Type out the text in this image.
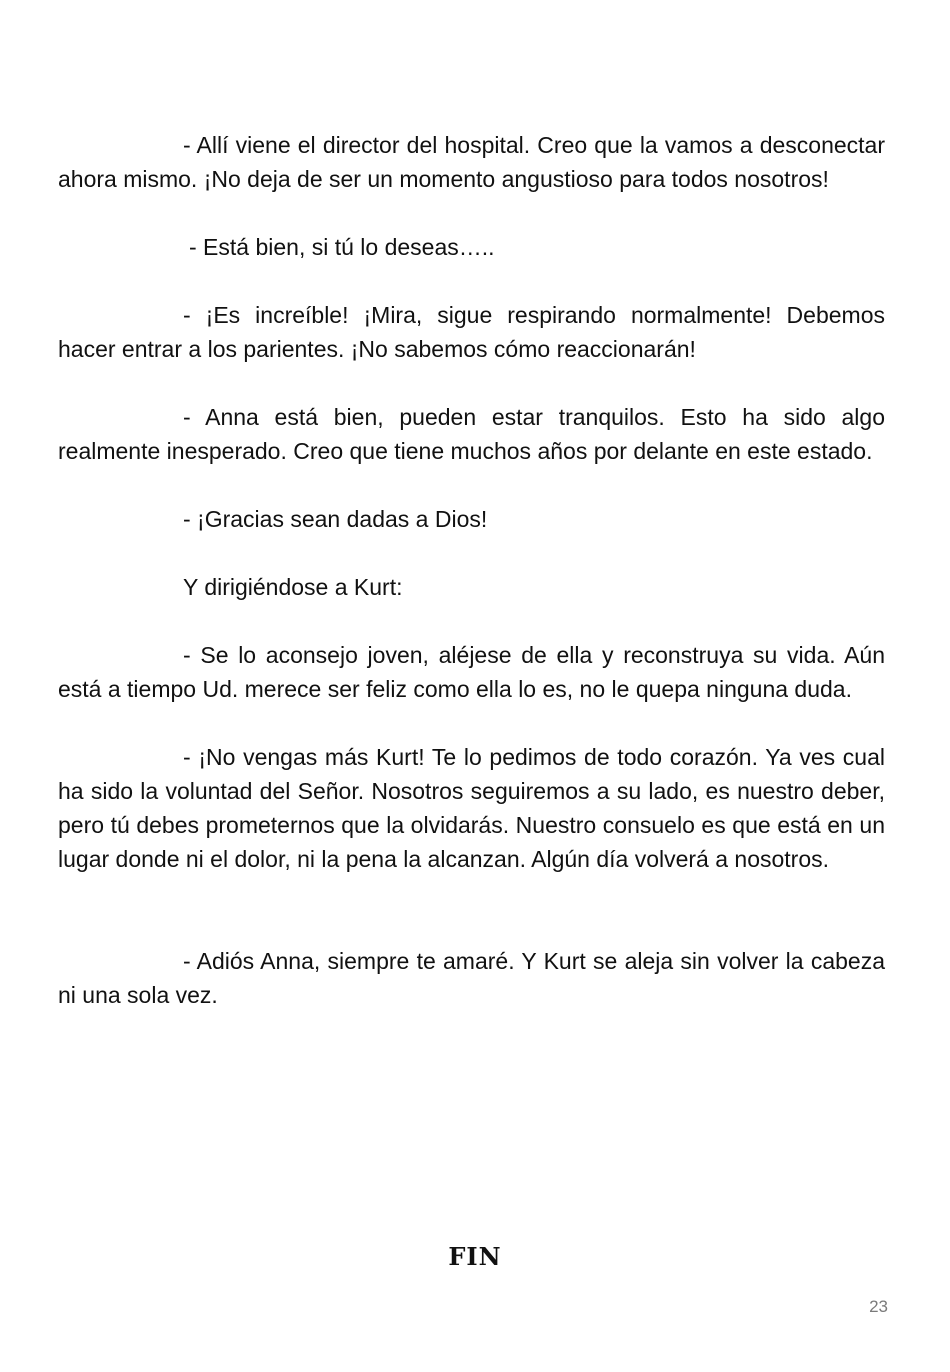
- Allí viene el director del hospital. Creo que la vamos a desconectar ahora mismo. ¡No deja de ser un momento angustioso para todos nosotros!

- Está bien, si tú lo deseas…..

- ¡Es increíble! ¡Mira, sigue respirando normalmente! Debemos hacer entrar a los parientes. ¡No sabemos cómo reaccionarán!

- Anna está bien, pueden estar tranquilos. Esto ha sido algo realmente inesperado. Creo que tiene muchos años por delante en este estado.

- ¡Gracias sean dadas a Dios!

Y dirigiéndose a Kurt:

- Se lo aconsejo joven, aléjese de ella y reconstruya su vida. Aún está a tiempo Ud. merece ser feliz como ella lo es, no le quepa ninguna duda.

- ¡No vengas más Kurt! Te lo pedimos de todo corazón. Ya ves cual ha sido la voluntad del Señor. Nosotros seguiremos a su lado, es nuestro deber, pero tú debes prometernos que la olvidarás. Nuestro consuelo es que está en un lugar donde ni el dolor, ni la pena la alcanzan. Algún día volverá a nosotros.

- Adiós Anna, siempre te amaré. Y Kurt se aleja sin volver la cabeza ni una sola vez.

FIN
23
